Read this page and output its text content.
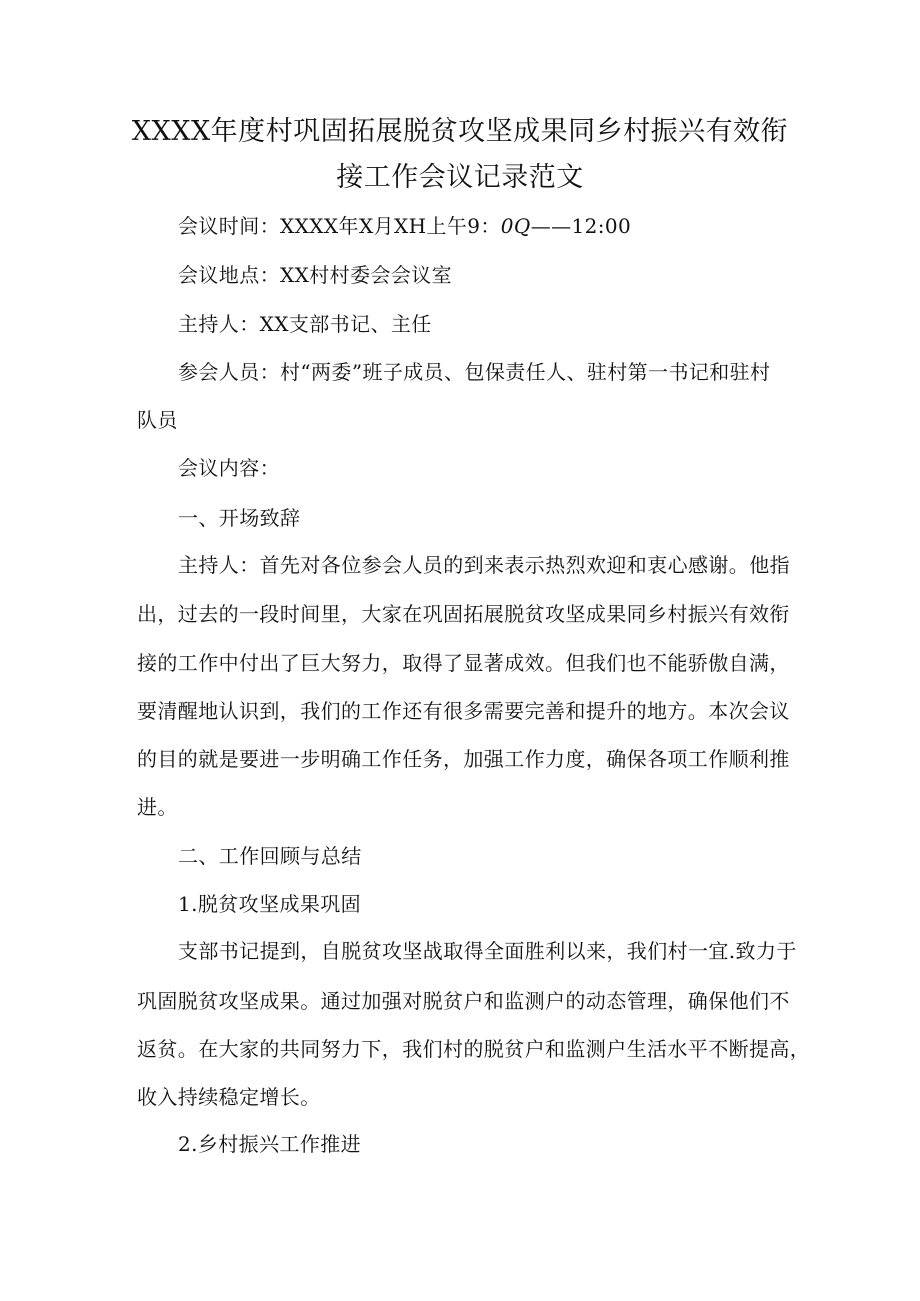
XXXX年度村巩固拓展脱贫攻坚成果同乡村振兴有效衔
接工作会议记录范文
会议时间：XXXX年X月XH上午9：0Q——12:00
会议地点：XX村村委会会议室
主持人：XX支部书记、主任
参会人员：村“两委”班子成员、包保责任人、驻村第一书记和驻村
队员
会议内容：
一、开场致辞
主持人：首先对各位参会人员的到来表示热烈欢迎和衷心感谢。他指
出，过去的一段时间里，大家在巩固拓展脱贫攻坚成果同乡村振兴有效衔
接的工作中付出了巨大努力，取得了显著成效。但我们也不能骄傲自满，
要清醒地认识到，我们的工作还有很多需要完善和提升的地方。本次会议
的目的就是要进一步明确工作任务，加强工作力度，确保各项工作顺利推
进。
二、工作回顾与总结
1.脱贫攻坚成果巩固
支部书记提到，自脱贫攻坚战取得全面胜利以来，我们村一宜.致力于
巩固脱贫攻坚成果。通过加强对脱贫户和监测户的动态管理，确保他们不
返贫。在大家的共同努力下，我们村的脱贫户和监测户生活水平不断提高，
收入持续稳定增长。
2.乡村振兴工作推进
